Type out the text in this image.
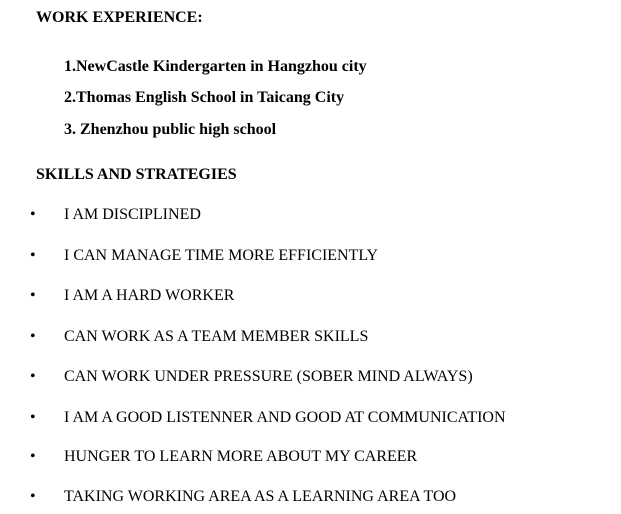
WORK EXPERIENCE:
1.NewCastle Kindergarten in Hangzhou city
2.Thomas English School in Taicang City
3. Zhenzhou public high school
SKILLS AND STRATEGIES
• I AM DISCIPLINED
• I CAN MANAGE TIME MORE EFFICIENTLY
• I AM A HARD WORKER
• CAN WORK AS A TEAM MEMBER SKILLS
• CAN WORK UNDER PRESSURE (SOBER MIND ALWAYS)
• I AM A GOOD LISTENNER AND GOOD AT COMMUNICATION
• HUNGER TO LEARN MORE ABOUT MY CAREER
• TAKING WORKING AREA AS A LEARNING AREA TOO
